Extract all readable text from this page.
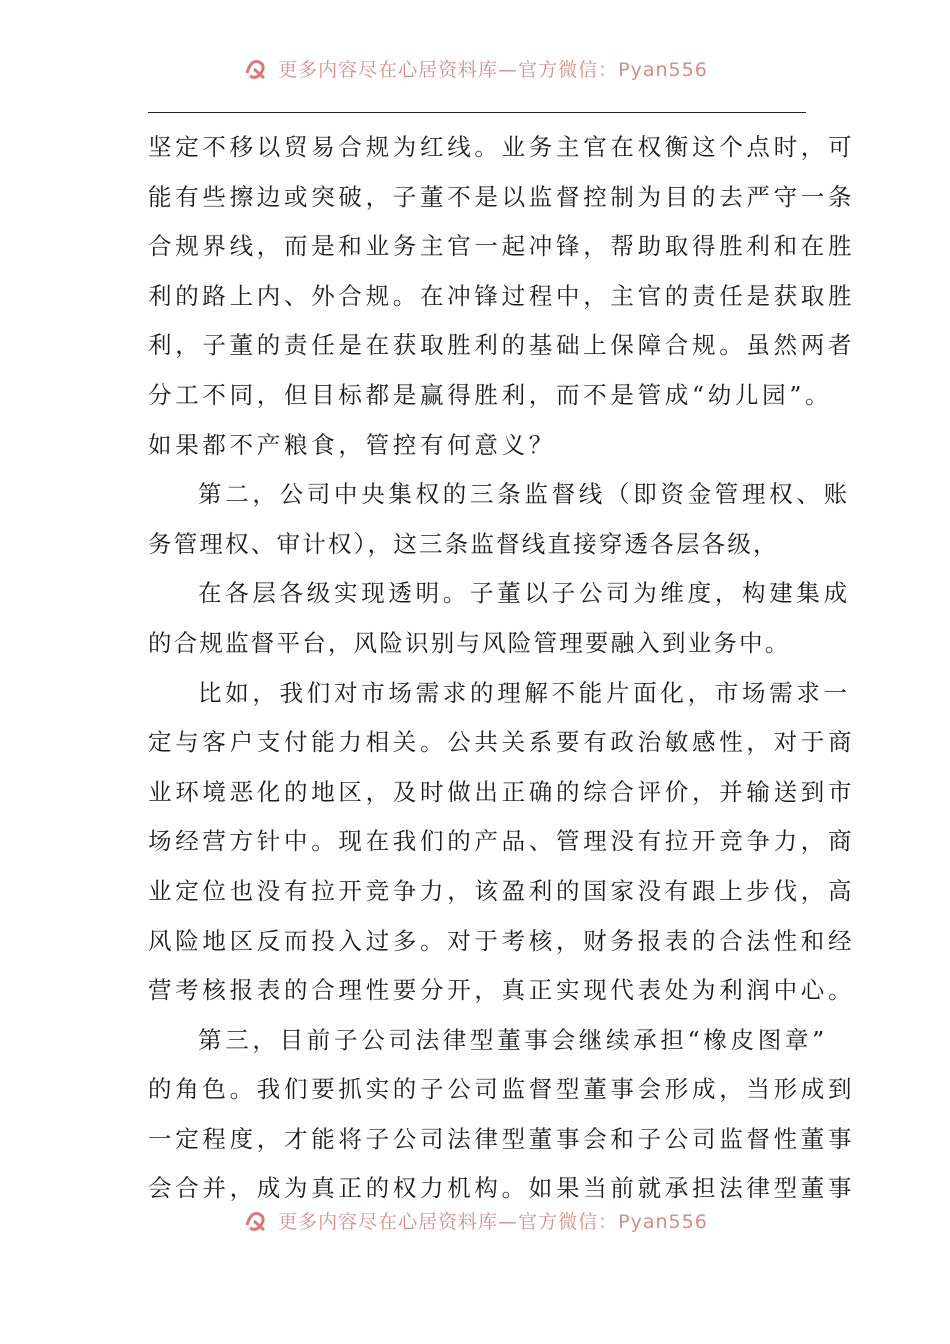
更多内容尽在心居资料库—官方微信：Pyan556
坚定不移以贸易合规为红线。业务主官在权衡这个点时，可
能有些擦边或突破，子董不是以监督控制为目的去严守一条
合规界线，而是和业务主官一起冲锋，帮助取得胜利和在胜
利的路上内、外合规。在冲锋过程中，主官的责任是获取胜
利，子董的责任是在获取胜利的基础上保障合规。虽然两者
分工不同，但目标都是赢得胜利，而不是管成“幼儿园”。
如果都不产粮食，管控有何意义？
第二，公司中央集权的三条监督线（即资金管理权、账
务管理权、审计权），这三条监督线直接穿透各层各级，
在各层各级实现透明。子董以子公司为维度，构建集成
的合规监督平台，风险识别与风险管理要融入到业务中。
比如，我们对市场需求的理解不能片面化，市场需求一
定与客户支付能力相关。公共关系要有政治敏感性，对于商
业环境恶化的地区，及时做出正确的综合评价，并输送到市
场经营方针中。现在我们的产品、管理没有拉开竞争力，商
业定位也没有拉开竞争力，该盈利的国家没有跟上步伐，高
风险地区反而投入过多。对于考核，财务报表的合法性和经
营考核报表的合理性要分开，真正实现代表处为利润中心。
第三，目前子公司法律型董事会继续承担“橡皮图章”
的角色。我们要抓实的子公司监督型董事会形成，当形成到
一定程度，才能将子公司法律型董事会和子公司监督性董事
会合并，成为真正的权力机构。如果当前就承担法律型董事
更多内容尽在心居资料库—官方微信：Pyan556
